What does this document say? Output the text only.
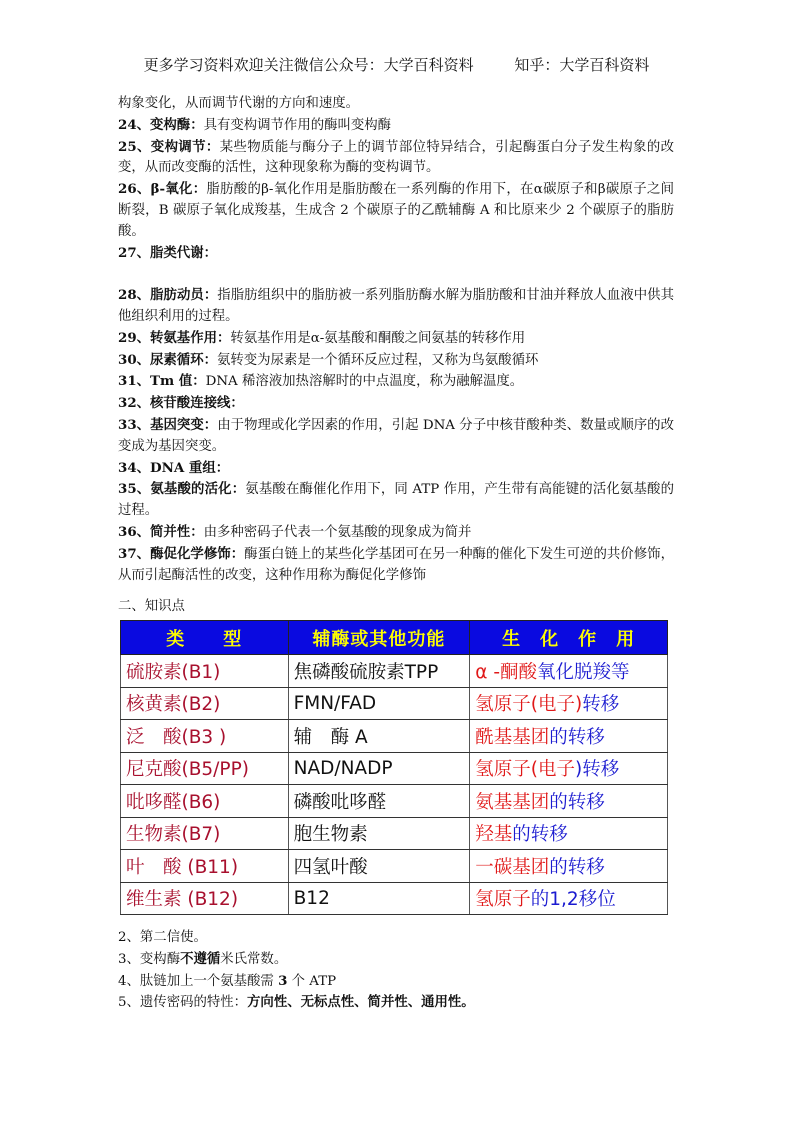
更多学习资料欢迎关注微信公众号：大学百科资料	知乎：大学百科资料

构象变化，从而调节代谢的方向和速度。

24、变构酶：具有变构调节作用的酶叫变构酶

25、变构调节：某些物质能与酶分子上的调节部位特异结合，引起酶蛋白分子发生构象的改变，从而改变酶的活性，这种现象称为酶的变构调节。

26、β-氧化：脂肪酸的β-氧化作用是脂肪酸在一系列酶的作用下，在α碳原子和β碳原子之间断裂，B 碳原子氧化成羧基，生成含 2 个碳原子的乙酰辅酶 A 和比原来少 2 个碳原子的脂肪酸。

27、脂类代谢：

28、脂肪动员：指脂肪组织中的脂肪被一系列脂肪酶水解为脂肪酸和甘油并释放人血液中供其他组织利用的过程。

29、转氨基作用：转氨基作用是α-氨基酸和酮酸之间氨基的转移作用

30、尿素循环：氨转变为尿素是一个循环反应过程，又称为鸟氨酸循环

31、Tm 值：DNA 稀溶液加热溶解时的中点温度，称为融解温度。

32、核苷酸连接线：

33、基因突变：由于物理或化学因素的作用，引起 DNA 分子中核苷酸种类、数量或顺序的改变成为基因突变。

34、DNA 重组：

35、氨基酸的活化：氨基酸在酶催化作用下，同 ATP 作用，产生带有高能键的活化氨基酸的过程。

36、简并性：由多种密码子代表一个氨基酸的现象成为简并

37、酶促化学修饰：酶蛋白链上的某些化学基团可在另一种酶的催化下发生可逆的共价修饰，从而引起酶活性的改变，这种作用称为酶促化学修饰

二、知识点
类　　型	辅酶或其他功能	生　化　作　用
硫胺素(B1)	焦磷酸硫胺素TPP	α -酮酸氧化脱羧等
核黄素(B2)	FMN/FAD	氢原子(电子)转移
泛　酸(B3 )	辅　酶 A	酰基基团的转移
尼克酸(B5/PP)	NAD/NADP	氢原子(电子)转移
吡哆醛(B6)	磷酸吡哆醛	氨基基团的转移
生物素(B7)	胞生物素	羟基的转移
叶　酸 (B11)	四氢叶酸	一碳基团的转移
维生素 (B12)	B12	氢原子的1,2移位

2、第二信使。

3、变构酶不遵循米氏常数。

4、肽链加上一个氨基酸需 3 个 ATP

5、遗传密码的特性：方向性、无标点性、简并性、通用性。
